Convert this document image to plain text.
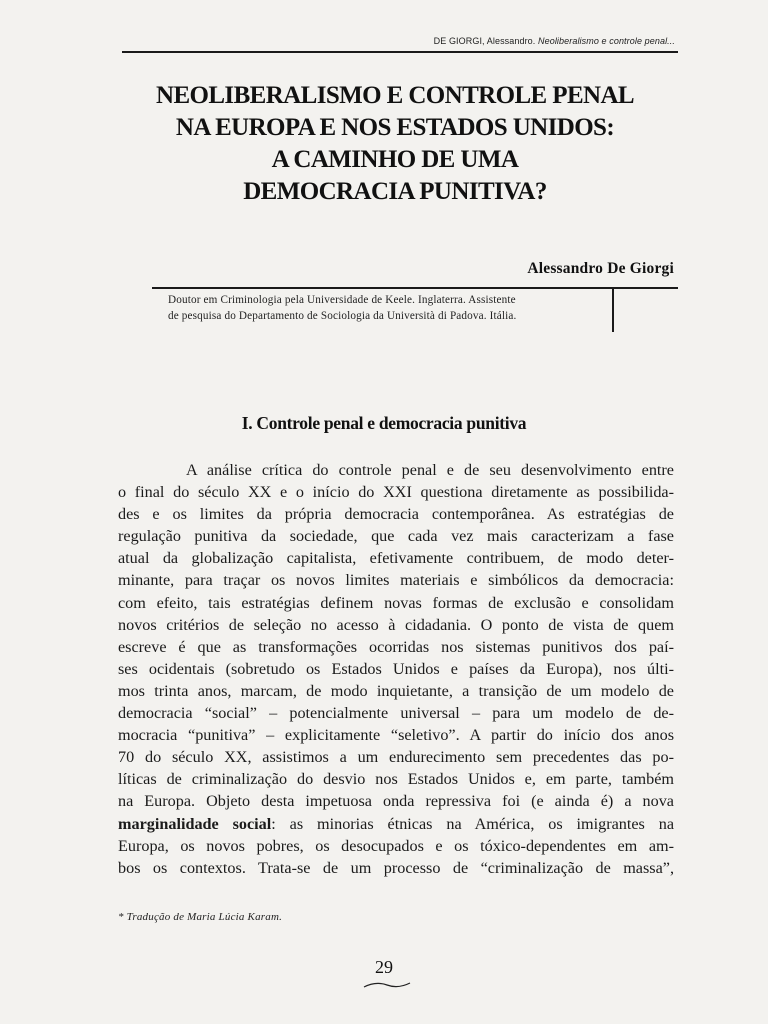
DE GIORGI, Alessandro. Neoliberalismo e controle penal...
NEOLIBERALISMO E CONTROLE PENAL
NA EUROPA E NOS ESTADOS UNIDOS:
A CAMINHO DE UMA
DEMOCRACIA PUNITIVA?
Alessandro De Giorgi
Doutor em Criminologia pela Universidade de Keele. Inglaterra. Assistente
de pesquisa do Departamento de Sociologia da Università di Padova. Itália.
I. Controle penal e democracia punitiva
A análise crítica do controle penal e de seu desenvolvimento entre
o final do século XX e o início do XXI questiona diretamente as possibilida-
des e os limites da própria democracia contemporânea. As estratégias de
regulação punitiva da sociedade, que cada vez mais caracterizam a fase
atual da globalização capitalista, efetivamente contribuem, de modo deter-
minante, para traçar os novos limites materiais e simbólicos da democracia:
com efeito, tais estratégias definem novas formas de exclusão e consolidam
novos critérios de seleção no acesso à cidadania. O ponto de vista de quem
escreve é que as transformações ocorridas nos sistemas punitivos dos paí-
ses ocidentais (sobretudo os Estados Unidos e países da Europa), nos últi-
mos trinta anos, marcam, de modo inquietante, a transição de um modelo de
democracia “social” – potencialmente universal – para um modelo de de-
mocracia “punitiva” – explicitamente “seletivo”. A partir do início dos anos
70 do século XX, assistimos a um endurecimento sem precedentes das po-
líticas de criminalização do desvio nos Estados Unidos e, em parte, também
na Europa. Objeto desta impetuosa onda repressiva foi (e ainda é) a nova
marginalidade social: as minorias étnicas na América, os imigrantes na
Europa, os novos pobres, os desocupados e os tóxico-dependentes em am-
bos os contextos. Trata-se de um processo de “criminalização de massa”,
* Tradução de Maria Lúcia Karam.
29
